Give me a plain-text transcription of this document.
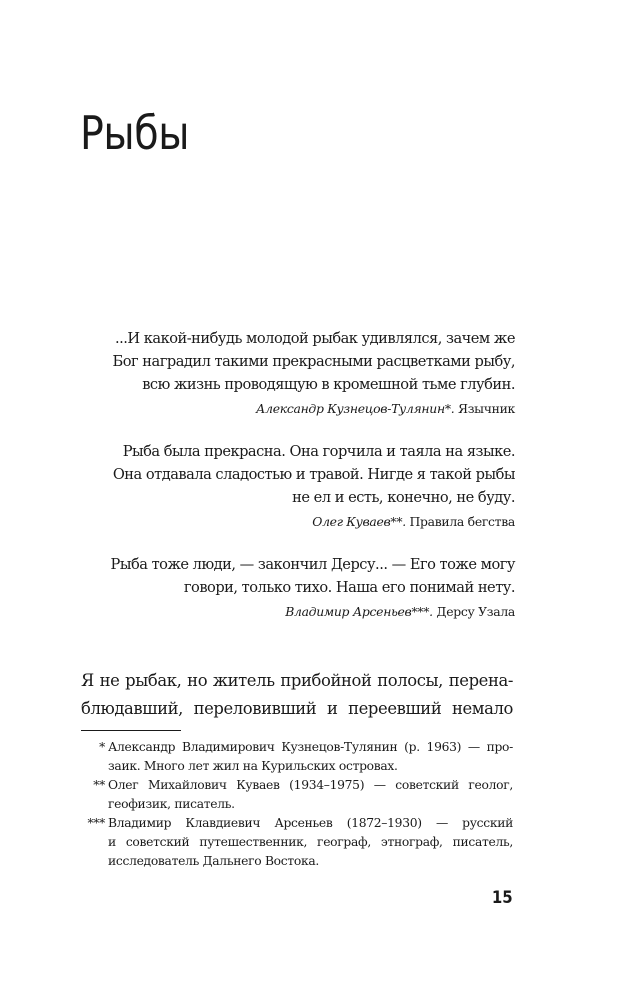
Рыбы
...И какой-нибудь молодой рыбак удивлялся, зачем же
Бог наградил такими прекрасными расцветками рыбу,
всю жизнь проводящую в кромешной тьме глубин.
Александр Кузнецов-Тулянин*. Язычник
Рыба была прекрасна. Она горчила и таяла на языке.
Она отдавала сладостью и травой. Нигде я такой рыбы
не ел и есть, конечно, не буду.
Олег Куваев**. Правила бегства
Рыба тоже люди, — закончил Дерсу... — Его тоже могу
говори, только тихо. Наша его понимай нету.
Владимир Арсеньев***. Дерсу Узала
Я не рыбак, но житель прибойной полосы, перена-
блюдавший, переловивший и переевший немало
* Александр Владимирович Кузнецов-Тулянин (р. 1963) — про-
заик. Много лет жил на Курильских островах.
** Олег Михайлович Куваев (1934–1975) — советский геолог,
геофизик, писатель.
*** Владимир Клавдиевич Арсеньев (1872–1930) — русский
и советский путешественник, географ, этнограф, писатель,
исследователь Дальнего Востока.
15
